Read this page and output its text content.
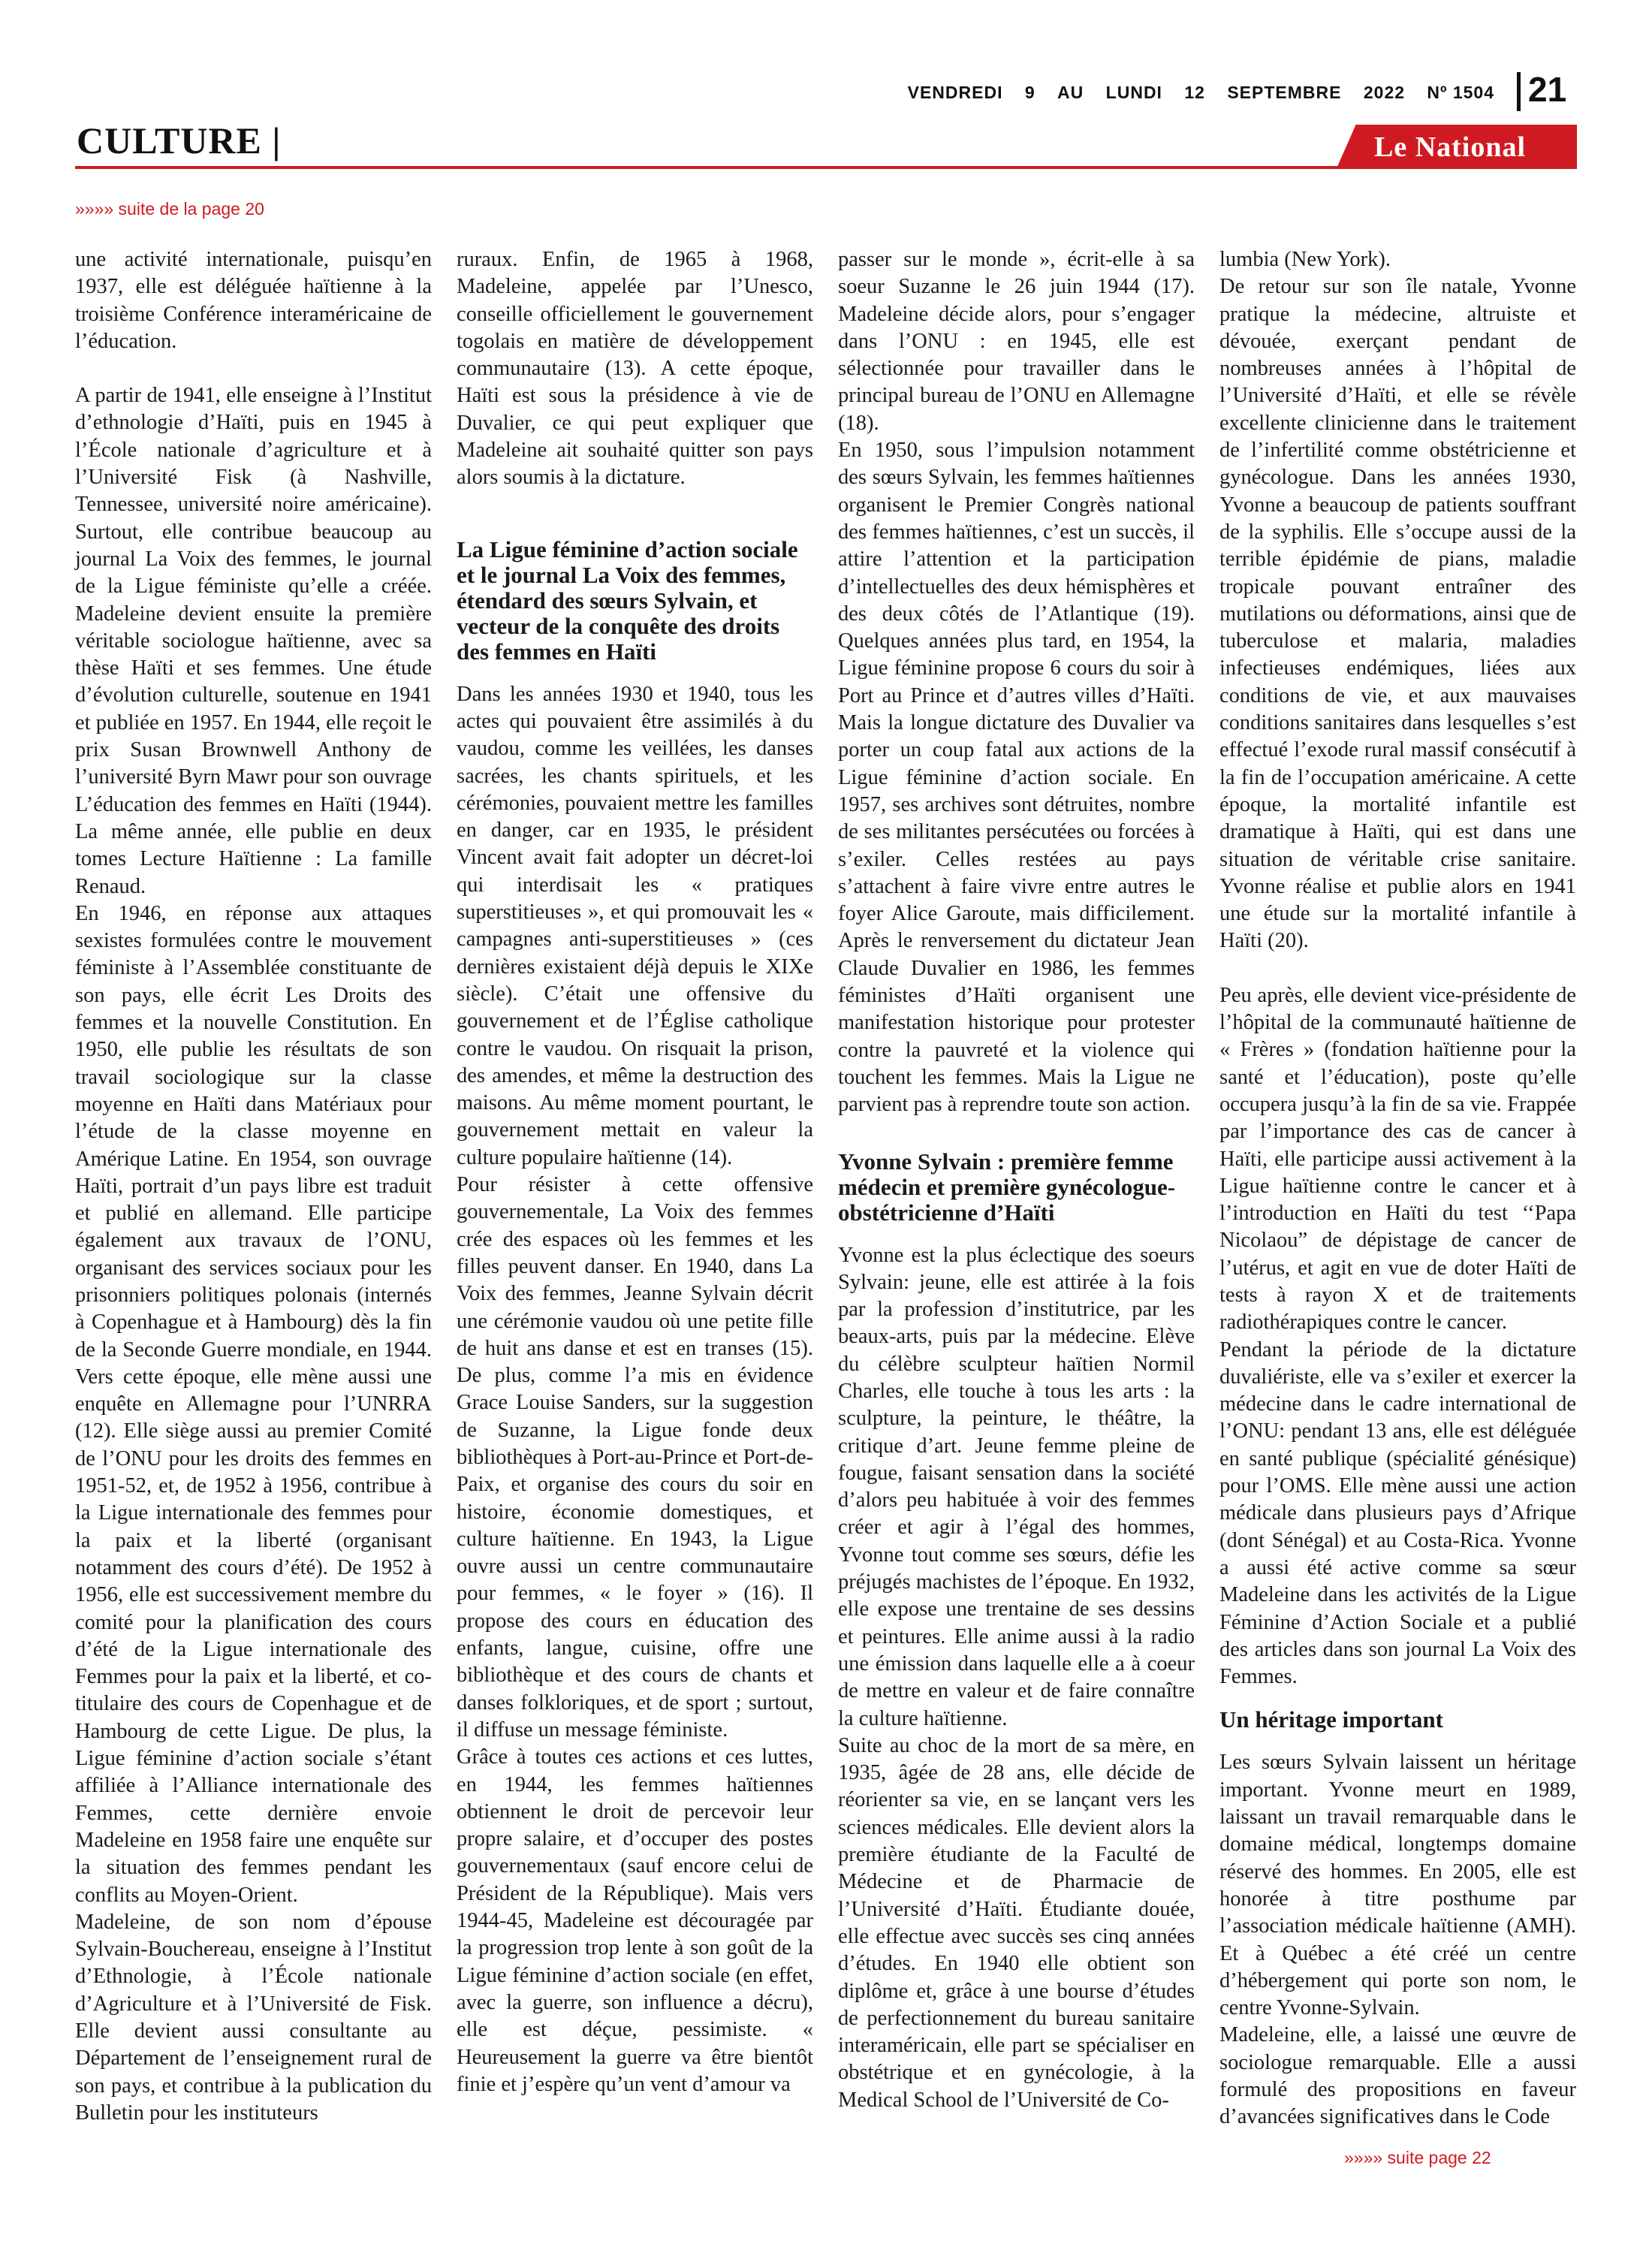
VENDREDI 9 AU LUNDI 12 SEPTEMBRE 2022 Nº 1504 21
CULTURE |	Le National
»»»» suite de la page 20

une activité internationale, puisqu’en 1937, elle est déléguée haïtienne à la troisième Conférence interaméricaine de l’éducation.

A partir de 1941, elle enseigne à l’Institut d’ethnologie d’Haïti, puis en 1945 à l’École nationale d’agriculture et à l’Université Fisk (à Nashville, Tennessee, université noire américaine). Surtout, elle contribue beaucoup au journal La Voix des femmes, le journal de la Ligue féministe qu’elle a créée. Madeleine devient ensuite la première véritable sociologue haïtienne, avec sa thèse Haïti et ses femmes. Une étude d’évolution culturelle, soutenue en 1941 et publiée en 1957. En 1944, elle reçoit le prix Susan Brownwell Anthony de l’université Byrn Mawr pour son ouvrage L’éducation des femmes en Haïti (1944). La même année, elle publie en deux tomes Lecture Haïtienne : La famille Renaud.

En 1946, en réponse aux attaques sexistes formulées contre le mouvement féministe à l’Assemblée constituante de son pays, elle écrit Les Droits des femmes et la nouvelle Constitution. En 1950, elle publie les résultats de son travail sociologique sur la classe moyenne en Haïti dans Matériaux pour l’étude de la classe moyenne en Amérique Latine. En 1954, son ouvrage Haïti, portrait d’un pays libre est traduit et publié en allemand. Elle participe également aux travaux de l’ONU, organisant des services sociaux pour les prisonniers politiques polonais (internés à Copenhague et à Hambourg) dès la fin de la Seconde Guerre mondiale, en 1944. Vers cette époque, elle mène aussi une enquête en Allemagne pour l’UNRRA (12). Elle siège aussi au premier Comité de l’ONU pour les droits des femmes en 1951-52, et, de 1952 à 1956, contribue à la Ligue internationale des femmes pour la paix et la liberté (organisant notamment des cours d’été). De 1952 à 1956, elle est successivement membre du comité pour la planification des cours d’été de la Ligue internationale des Femmes pour la paix et la liberté, et co-titulaire des cours de Copenhague et de Hambourg de cette Ligue. De plus, la Ligue féminine d’action sociale s’étant affiliée à l’Alliance internationale des Femmes, cette dernière envoie Madeleine en 1958 faire une enquête sur la situation des femmes pendant les conflits au Moyen-Orient.

Madeleine, de son nom d’épouse Sylvain-Bouchereau, enseigne à l’Institut d’Ethnologie, à l’École nationale d’Agriculture et à l’Université de Fisk. Elle devient aussi consultante au Département de l’enseignement rural de son pays, et contribue à la publication du Bulletin pour les instituteurs

ruraux. Enfin, de 1965 à 1968, Madeleine, appelée par l’Unesco, conseille officiellement le gouvernement togolais en matière de développement communautaire (13). A cette époque, Haïti est sous la présidence à vie de Duvalier, ce qui peut expliquer que Madeleine ait souhaité quitter son pays alors soumis à la dictature.

La Ligue féminine d’action sociale et le journal La Voix des femmes, étendard des sœurs Sylvain, et vecteur de la conquête des droits des femmes en Haïti

Dans les années 1930 et 1940, tous les actes qui pouvaient être assimilés à du vaudou, comme les veillées, les danses sacrées, les chants spirituels, et les cérémonies, pouvaient mettre les familles en danger, car en 1935, le président Vincent avait fait adopter un décret-loi qui interdisait les « pratiques superstitieuses », et qui promouvait les « campagnes anti-superstitieuses » (ces dernières existaient déjà depuis le XIXe siècle). C’était une offensive du gouvernement et de l’Église catholique contre le vaudou. On risquait la prison, des amendes, et même la destruction des maisons. Au même moment pourtant, le gouvernement mettait en valeur la culture populaire haïtienne (14).

Pour résister à cette offensive gouvernementale, La Voix des femmes crée des espaces où les femmes et les filles peuvent danser. En 1940, dans La Voix des femmes, Jeanne Sylvain décrit une cérémonie vaudou où une petite fille de huit ans danse et est en transes (15). De plus, comme l’a mis en évidence Grace Louise Sanders, sur la suggestion de Suzanne, la Ligue fonde deux bibliothèques à Port-au-Prince et Port-de-Paix, et organise des cours du soir en histoire, économie domestiques, et culture haïtienne. En 1943, la Ligue ouvre aussi un centre communautaire pour femmes, « le foyer » (16). Il propose des cours en éducation des enfants, langue, cuisine, offre une bibliothèque et des cours de chants et danses folkloriques, et de sport ; surtout, il diffuse un message féministe.

Grâce à toutes ces actions et ces luttes, en 1944, les femmes haïtiennes obtiennent le droit de percevoir leur propre salaire, et d’occuper des postes gouvernementaux (sauf encore celui de Président de la République). Mais vers 1944-45, Madeleine est découragée par la progression trop lente à son goût de la Ligue féminine d’action sociale (en effet, avec la guerre, son influence a décru), elle est déçue, pessimiste. « Heureusement la guerre va être bientôt finie et j’espère qu’un vent d’amour va

passer sur le monde », écrit-elle à sa soeur Suzanne le 26 juin 1944 (17). Madeleine décide alors, pour s’engager dans l’ONU : en 1945, elle est sélectionnée pour travailler dans le principal bureau de l’ONU en Allemagne (18).

En 1950, sous l’impulsion notamment des sœurs Sylvain, les femmes haïtiennes organisent le Premier Congrès national des femmes haïtiennes, c’est un succès, il attire l’attention et la participation d’intellectuelles des deux hémisphères et des deux côtés de l’Atlantique (19). Quelques années plus tard, en 1954, la Ligue féminine propose 6 cours du soir à Port au Prince et d’autres villes d’Haïti. Mais la longue dictature des Duvalier va porter un coup fatal aux actions de la Ligue féminine d’action sociale. En 1957, ses archives sont détruites, nombre de ses militantes persécutées ou forcées à s’exiler. Celles restées au pays s’attachent à faire vivre entre autres le foyer Alice Garoute, mais difficilement. Après le renversement du dictateur Jean Claude Duvalier en 1986, les femmes féministes d’Haïti organisent une manifestation historique pour protester contre la pauvreté et la violence qui touchent les femmes. Mais la Ligue ne parvient pas à reprendre toute son action.

Yvonne Sylvain : première femme médecin et première gynécologue-obstétricienne d’Haïti

Yvonne est la plus éclectique des soeurs Sylvain: jeune, elle est attirée à la fois par la profession d’institutrice, par les beaux-arts, puis par la médecine. Elève du célèbre sculpteur haïtien Normil Charles, elle touche à tous les arts : la sculpture, la peinture, le théâtre, la critique d’art. Jeune femme pleine de fougue, faisant sensation dans la société d’alors peu habituée à voir des femmes créer et agir à l’égal des hommes, Yvonne tout comme ses sœurs, défie les préjugés machistes de l’époque. En 1932, elle expose une trentaine de ses dessins et peintures. Elle anime aussi à la radio une émission dans laquelle elle a à coeur de mettre en valeur et de faire connaître la culture haïtienne.

Suite au choc de la mort de sa mère, en 1935, âgée de 28 ans, elle décide de réorienter sa vie, en se lançant vers les sciences médicales. Elle devient alors la première étudiante de la Faculté de Médecine et de Pharmacie de l’Université d’Haïti. Étudiante douée, elle effectue avec succès ses cinq années d’études. En 1940 elle obtient son diplôme et, grâce à une bourse d’études de perfectionnement du bureau sanitaire interaméricain, elle part se spécialiser en obstétrique et en gynécologie, à la Medical School de l’Université de Co-

lumbia (New York).

De retour sur son île natale, Yvonne pratique la médecine, altruiste et dévouée, exerçant pendant de nombreuses années à l’hôpital de l’Université d’Haïti, et elle se révèle excellente clinicienne dans le traitement de l’infertilité comme obstétricienne et gynécologue. Dans les années 1930, Yvonne a beaucoup de patients souffrant de la syphilis. Elle s’occupe aussi de la terrible épidémie de pians, maladie tropicale pouvant entraîner des mutilations ou déformations, ainsi que de tuberculose et malaria, maladies infectieuses endémiques, liées aux conditions de vie, et aux mauvaises conditions sanitaires dans lesquelles s’est effectué l’exode rural massif consécutif à la fin de l’occupation américaine. A cette époque, la mortalité infantile est dramatique à Haïti, qui est dans une situation de véritable crise sanitaire. Yvonne réalise et publie alors en 1941 une étude sur la mortalité infantile à Haïti (20).

Peu après, elle devient vice-présidente de l’hôpital de la communauté haïtienne de « Frères » (fondation haïtienne pour la santé et l’éducation), poste qu’elle occupera jusqu’à la fin de sa vie. Frappée par l’importance des cas de cancer à Haïti, elle participe aussi activement à la Ligue haïtienne contre le cancer et à l’introduction en Haïti du test ‘‘Papa Nicolaou” de dépistage de cancer de l’utérus, et agit en vue de doter Haïti de tests à rayon X et de traitements radiothérapiques contre le cancer.

Pendant la période de la dictature duvaliériste, elle va s’exiler et exercer la médecine dans le cadre international de l’ONU: pendant 13 ans, elle est déléguée en santé publique (spécialité génésique) pour l’OMS. Elle mène aussi une action médicale dans plusieurs pays d’Afrique (dont Sénégal) et au Costa-Rica. Yvonne a aussi été active comme sa sœur Madeleine dans les activités de la Ligue Féminine d’Action Sociale et a publié des articles dans son journal La Voix des Femmes.

Un héritage important

Les sœurs Sylvain laissent un héritage important. Yvonne meurt en 1989, laissant un travail remarquable dans le domaine médical, longtemps domaine réservé des hommes. En 2005, elle est honorée à titre posthume par l’association médicale haïtienne (AMH). Et à Québec a été créé un centre d’hébergement qui porte son nom, le centre Yvonne-Sylvain.

Madeleine, elle, a laissé une œuvre de sociologue remarquable. Elle a aussi formulé des propositions en faveur d’avancées significatives dans le Code

»»»» suite page 22
